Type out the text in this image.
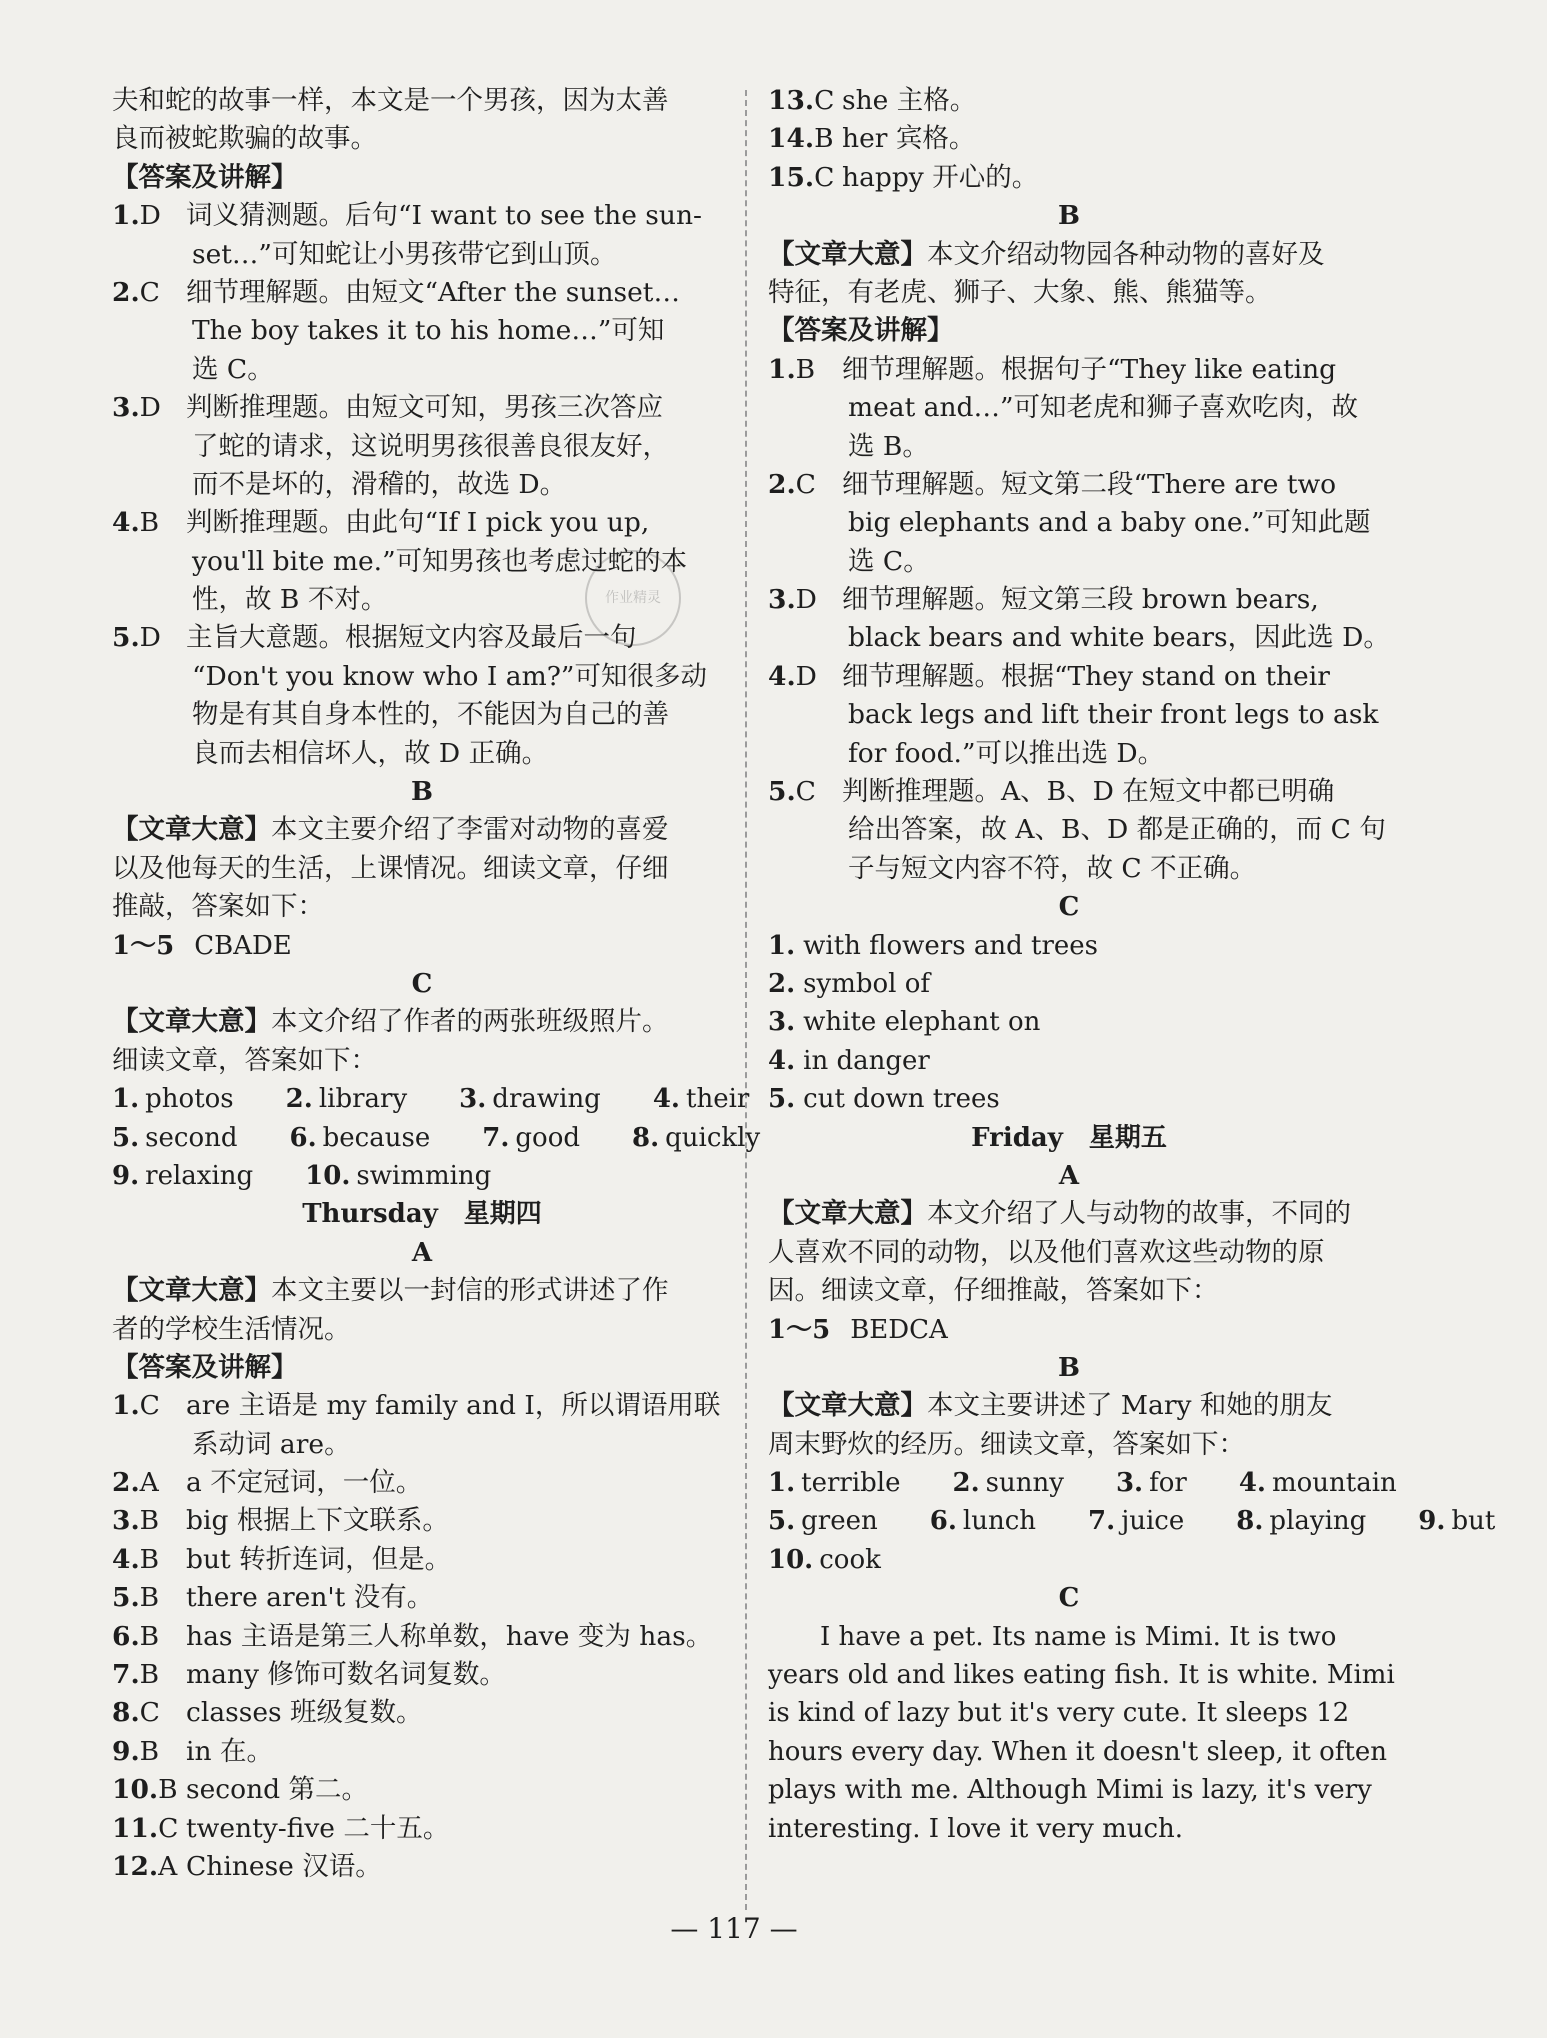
作业精灵
夫和蛇的故事一样，本文是一个男孩，因为太善
良而被蛇欺骗的故事。
【答案及讲解】
1.D 词义猜测题。后句“I want to see the sun-
set…”可知蛇让小男孩带它到山顶。
2.C 细节理解题。由短文“After the sunset…
The boy takes it to his home…”可知
选 C。
3.D 判断推理题。由短文可知，男孩三次答应
了蛇的请求，这说明男孩很善良很友好，
而不是坏的，滑稽的，故选 D。
4.B	判断推理题。由此句“If I pick you up,
you'll bite me.”可知男孩也考虑过蛇的本
性，故 B 不对。
5.D 主旨大意题。根据短文内容及最后一句
“Don't you know who I am?”可知很多动
物是有其自身本性的，不能因为自己的善
良而去相信坏人，故 D 正确。
B
【文章大意】本文主要介绍了李雷对动物的喜爱
以及他每天的生活，上课情况。细读文章，仔细
推敲，答案如下：
1～5 CBADE
C
【文章大意】本文介绍了作者的两张班级照片。
细读文章，答案如下：
1. photos 2. library 3. drawing 4. their
5. second 6. because 7. good 8. quickly
9. relaxing 10. swimming
Thursday　星期四
A
【文章大意】本文主要以一封信的形式讲述了作
者的学校生活情况。
【答案及讲解】
1.C are 主语是 my family and I，所以谓语用联
系动词 are。
2.A	a 不定冠词，一位。
3.B	big 根据上下文联系。
4.B	but 转折连词，但是。
5.B	there aren't 没有。
6.B	has 主语是第三人称单数，have 变为 has。
7.B	many 修饰可数名词复数。
8.C classes 班级复数。
9.B	in 在。
10.B second 第二。
11.C twenty-five 二十五。
12.A Chinese 汉语。
13.C she 主格。
14.B her 宾格。
15.C happy 开心的。
B
【文章大意】本文介绍动物园各种动物的喜好及
特征，有老虎、狮子、大象、熊、熊猫等。
【答案及讲解】
1.B	细节理解题。根据句子“They like eating
meat and…”可知老虎和狮子喜欢吃肉，故
选 B。
2.C 细节理解题。短文第二段“There are two
big elephants and a baby one.”可知此题
选 C。
3.D 细节理解题。短文第三段 brown bears,
black bears and white bears，因此选 D。
4.D 细节理解题。根据“They stand on their
back legs and lift their front legs to ask
for food.”可以推出选 D。
5.C 判断推理题。A、B、D 在短文中都已明确
给出答案，故 A、B、D 都是正确的，而 C 句
子与短文内容不符，故 C 不正确。
C
1. with flowers and trees
2. symbol of
3. white elephant on
4. in danger
5. cut down trees
Friday　星期五
A
【文章大意】本文介绍了人与动物的故事，不同的
人喜欢不同的动物，以及他们喜欢这些动物的原
因。细读文章，仔细推敲，答案如下：
1～5 BEDCA
B
【文章大意】本文主要讲述了 Mary 和她的朋友
周末野炊的经历。细读文章，答案如下：
1. terrible 2. sunny 3. for 4. mountain
5. green 6. lunch 7. juice 8. playing 9. but
10. cook
C
I have a pet. Its name is Mimi. It is two
years old and likes eating fish. It is white. Mimi
is kind of lazy but it's very cute. It sleeps 12
hours every day. When it doesn't sleep, it often
plays with me. Although Mimi is lazy, it's very
interesting. I love it very much.
— 117 —
